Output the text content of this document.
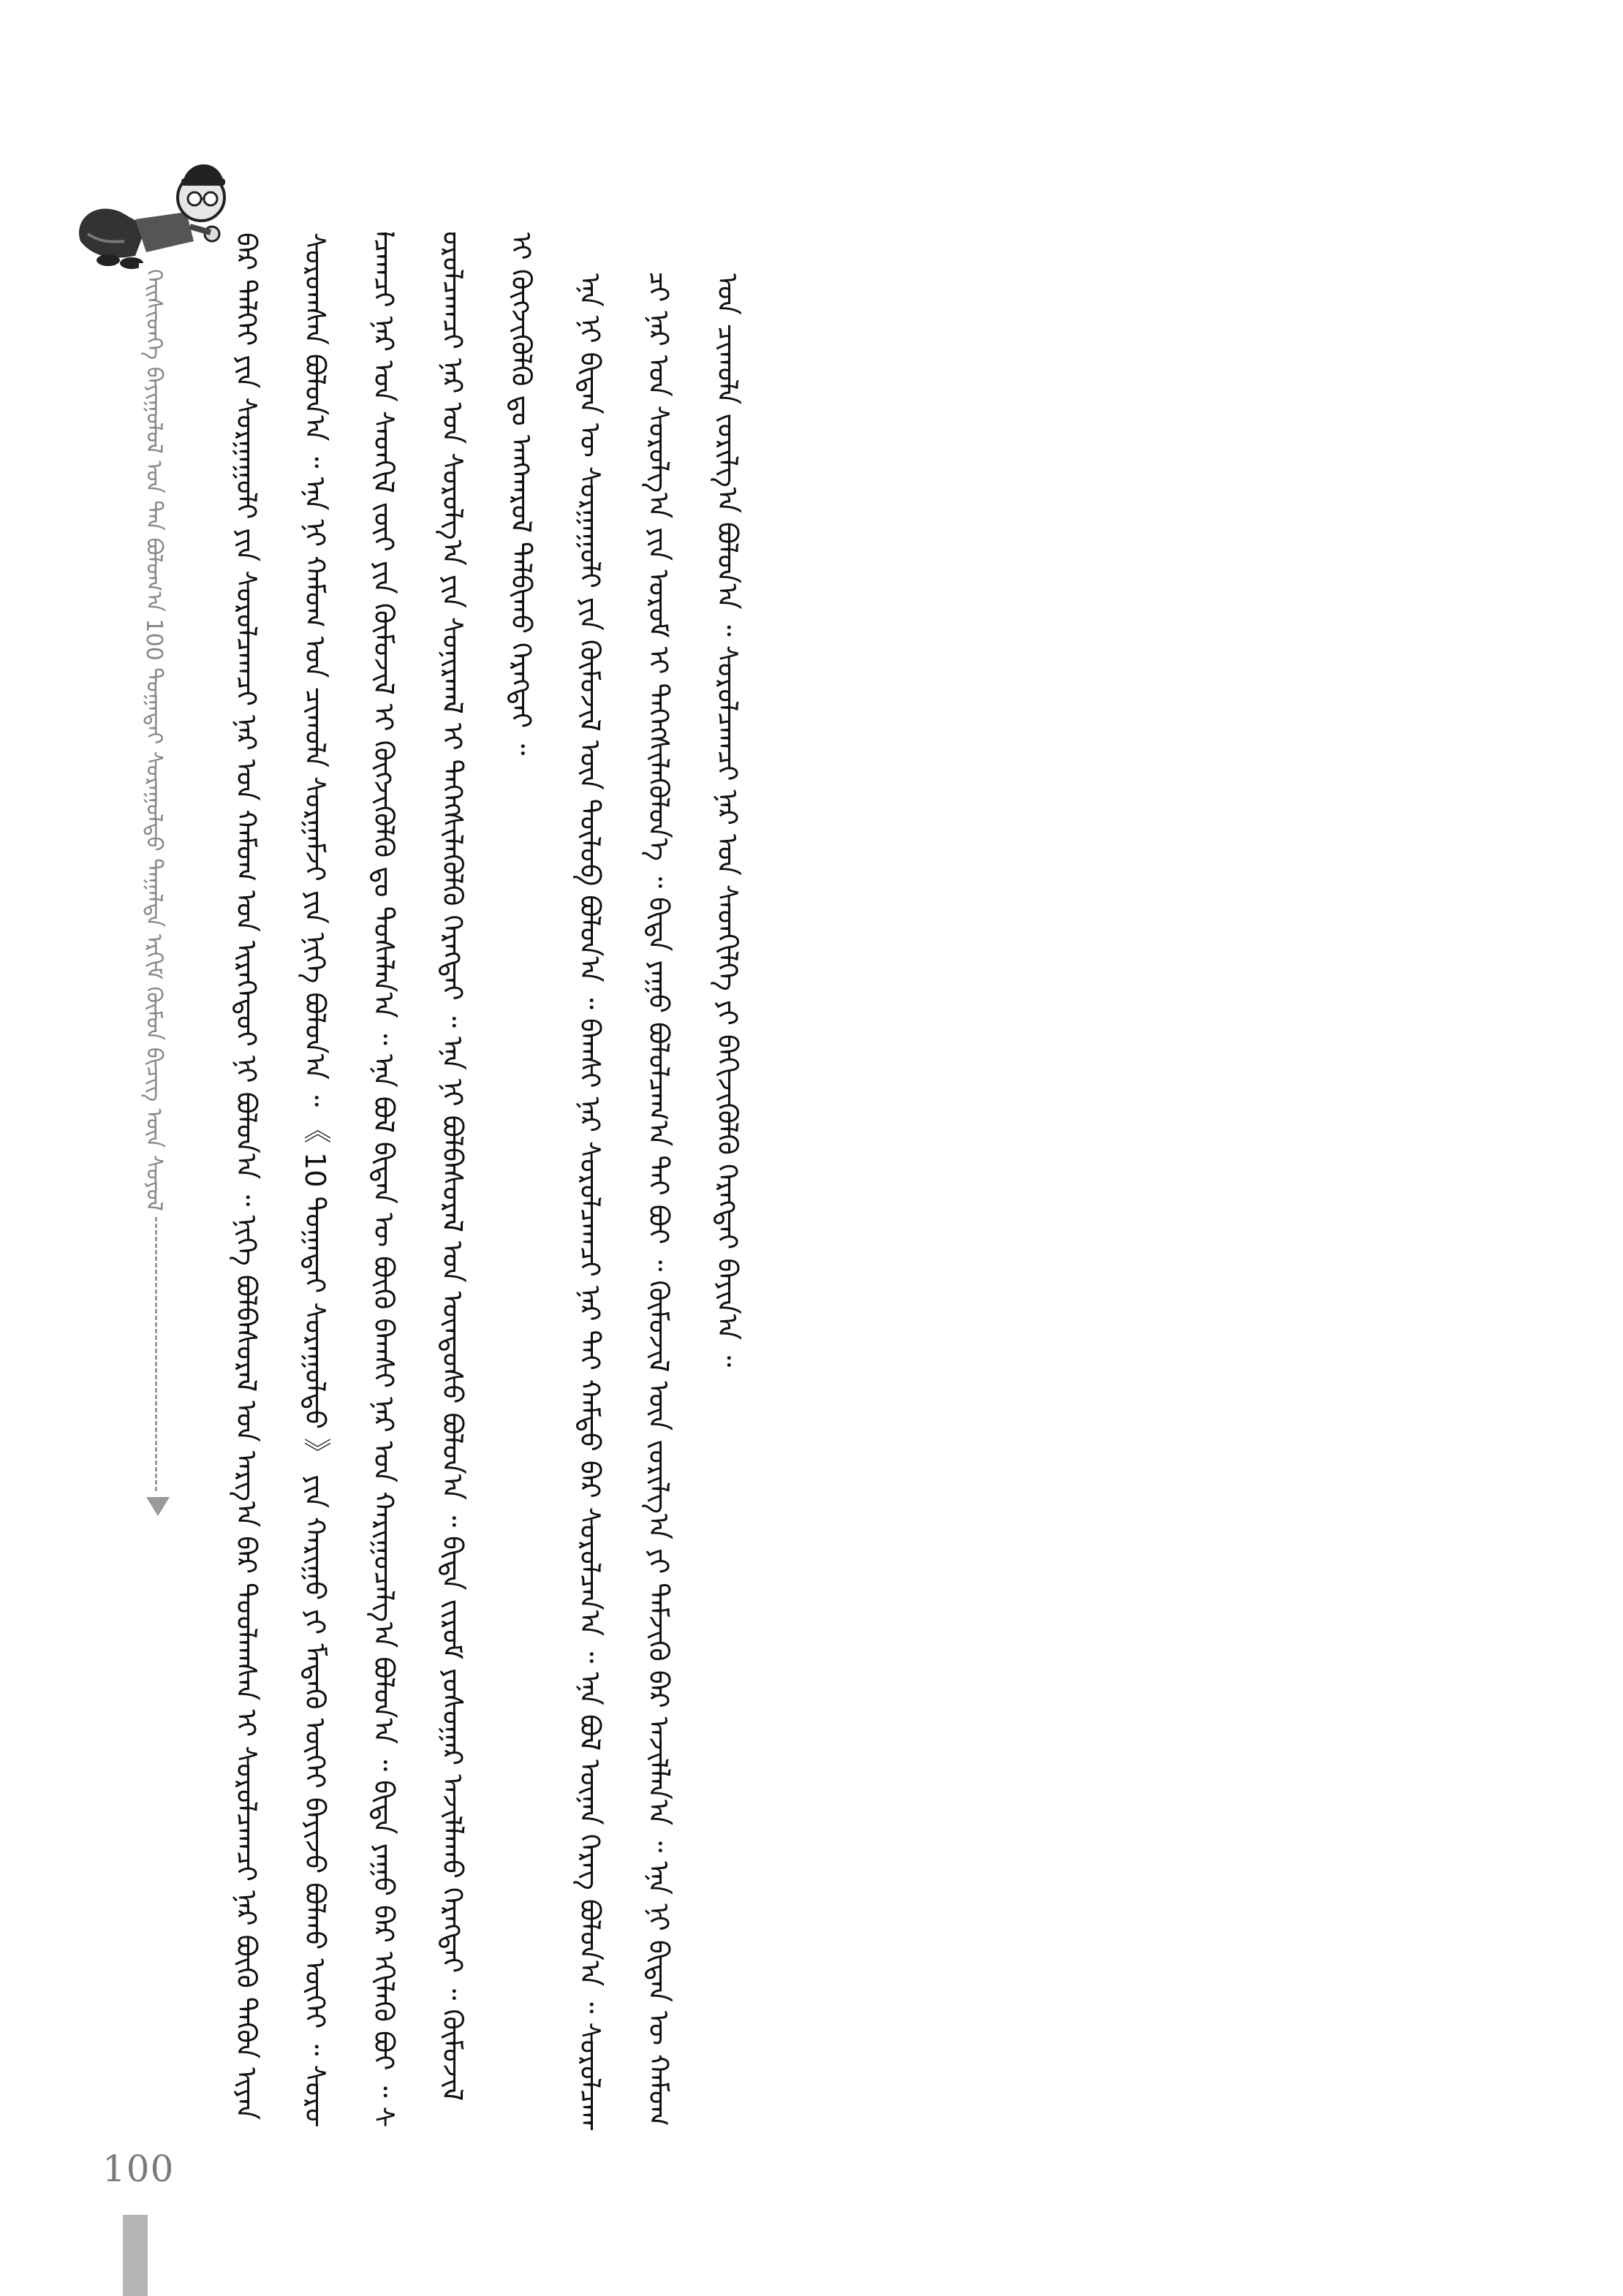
ᠬᠡᠢᠰᠢᠳᠬᠡ ᠪᠠᠶᠢᠭᠤᠯᠤᠯ ᠤᠨ ᠲᠠᠨ ᠪᠣᠯᠤᠭ᠎ᠠ 100 ᠲᠣᠭᠠᠲᠠᠢ ᠰᠤᠷᠠᠭᠤᠯᠲᠤ ᠳᠠᠭᠠᠯᠲᠠ ᠡᠷᠬᠢᠮ ᠬᠦᠮᠦᠨ ᠪᠢᠴᠢᠭ ᠦᠨ ᠰᠣᠶᠣᠯ	ᠪᠡᠷ ᠳᠡᠯᠬᠡᠢ ᠶᠢᠨ ᠰᠤᠷᠭᠠᠭᠤᠯᠢ ᠶᠢᠨ ᠰᠤᠷᠤᠯᠴᠠᠭᠴᠢ ᠨᠠᠷ ᠤᠨ ᠬᠠᠮᠤᠭ ᠤᠨ ᠢᠷᠡᠭᠡᠳᠦᠢ ᠨᠢ ᠪᠣᠯᠤᠨ᠎ᠠ ᠃ ᠨᠢᠭᠡ ᠪᠣᠯᠪᠠᠰᠤᠷᠠᠯ ᠤᠨ ᠠᠷᠭ᠎ᠠ ᠪᠠᠷ ᠲᠤᠤᠯᠠᠭᠰᠠᠨ ᠢ ᠰᠤᠷᠤᠯᠴᠠᠭᠴᠢ ᠨᠠᠷ ᠪᠦᠬᠦ ᠲᠡᠭᠦᠨ ᠢᠶᠡᠨ ᠰᠤᠷᠤᠭᠰᠠᠨ ᠪᠤᠯᠤᠨ᠎ᠠ ᠃ ᠡᠨᠡ ᠨᠢ ᠬᠠᠮᠤᠭ ᠤᠨ ᠴᠢᠬᠤᠯᠠ ᠰᠤᠷᠭᠠᠮᠵᠢ ᠶᠢᠨ ᠨᠢᠭᠡ ᠪᠣᠯᠤᠨ᠎ᠠ ᠃ 《 10 ᠲᠣᠭᠠᠲᠠᠢ ᠰᠤᠷᠠᠭᠤᠯᠲᠤ 》 ᠶᠢᠨ ᠬᠠᠷᠢᠭᠤ ᠶᠢ ᠮᠡᠳᠡᠬᠦ ᠦᠭᠡᠢ ᠪᠠᠶᠢᠵᠤ ᠪᠣᠯᠬᠤ ᠦᠭᠡᠢ ᠃ ᠰᠤᠷᠤᠯᠴᠠᠭᠴᠢ ᠨᠠᠷ ᠤᠨ ᠰᠡᠳᠬᠢᠯ ᠵᠦᠢ ᠶᠢᠨ ᠬᠦᠮᠦᠵᠢᠯ ᠢ ᠬᠥᠭᠵᠢᠭᠦᠯᠬᠦ ᠳᠤ ᠲᠤᠰᠠᠯᠠᠨ᠎ᠠ ᠃ ᠡᠨᠡ ᠪᠣᠯ ᠪᠢᠳᠡᠨ ᠦ ᠪᠦᠬᠦ ᠪᠠᠭᠰᠢ ᠨᠠᠷ ᠤᠨ ᠬᠠᠷᠢᠭᠤᠴᠠᠯᠭ᠎ᠠ ᠪᠣᠯᠤᠨ᠎ᠠ ᠃ ᠪᠢᠳᠡ ᠶᠠᠭᠤ ᠪᠠᠷ ᠡᠬᠢᠯᠡᠬᠦ ᠪᠤᠢ ᠃ ᠰᠤᠷᠤᠯᠴᠠᠭᠴᠢ ᠨᠠᠷ ᠤᠨ ᠰᠤᠷᠤᠯᠭ᠎ᠠ ᠶᠢᠨ ᠰᠣᠨᠢᠷᠬᠠᠯ ᠢ ᠳᠡᠭᠡᠭᠰᠢᠯᠡᠭᠦᠯᠬᠦ ᠬᠡᠷᠡᠭᠲᠡᠢ ᠃ ᠡᠨᠡ ᠨᠢ ᠪᠣᠯᠪᠠᠰᠤᠷᠠᠯ ᠤᠨ ᠦᠨᠳᠦᠰᠦ ᠪᠣᠯᠤᠨ᠎ᠠ ᠃ ᠪᠢᠳᠡ ᠵᠢᠷᠤᠮ ᠶᠣᠰᠤᠭᠠᠷ ᠠᠵᠢᠯᠯᠠᠬᠤ ᠬᠡᠷᠡᠭᠲᠡᠢ ᠃ ᠬᠦᠮᠦᠵᠢᠯ ᠢ ᠬᠥᠭᠵᠢᠭᠦᠯᠬᠦ ᠳᠤ ᠠᠩᠬᠠᠷᠤᠯ ᠲᠠᠯᠪᠢᠬᠤ ᠬᠡᠷᠡᠭᠲᠡᠢ ᠃	ᠡᠨᠡ ᠨᠢ ᠪᠢᠳᠡᠨ ᠦ ᠰᠤᠷᠭᠠᠭᠤᠯᠢ ᠶᠢᠨ ᠬᠦᠮᠦᠵᠢᠯ ᠦᠨ ᠲᠥᠯᠥᠪ ᠪᠣᠯᠤᠨ᠎ᠠ ᠃ ᠪᠠᠭᠰᠢ ᠨᠠᠷ ᠰᠤᠷᠤᠯᠴᠠᠭᠴᠢ ᠨᠠᠷ ᠲᠠᠢ ᠬᠠᠮᠲᠤ ᠪᠡᠷ ᠰᠤᠷᠤᠯᠴᠠᠨ᠎ᠠ ᠃ ᠡᠨᠡ ᠪᠣᠯ ᠦᠨᠡᠨ ᠬᠡᠷᠡᠭ ᠪᠣᠯᠤᠨ᠎ᠠ ᠃ ᠰᠤᠷᠤᠯᠴᠠᠭᠴᠢ ᠨᠠᠷ ᠤᠨ ᠰᠤᠷᠤᠯᠭ᠎ᠠ ᠶᠢᠨ ᠤᠷᠤᠮ ᠢ ᠳᠡᠭᠡᠭᠰᠢᠯᠡᠭᠦᠯᠦᠨ᠎ᠡ ᠃ ᠪᠢᠳᠡ ᠶᠠᠭᠤ ᠪᠣᠯᠤᠯᠴᠠᠭ᠎ᠠ ᠲᠠᠢ ᠪᠤᠢ ᠃ ᠬᠦᠮᠦᠵᠢᠯ ᠦᠨ ᠵᠣᠷᠢᠯᠭ᠎ᠠ ᠶᠢ ᠳᠡᠮᠵᠢᠬᠦ ᠪᠠᠷ ᠠᠵᠢᠯᠯᠠᠨ᠎ᠠ ᠃ ᠡᠨᠡ ᠨᠢ ᠪᠢᠳᠡᠨ ᠦ ᠬᠠᠮᠤᠭ ᠤᠨ ᠴᠢᠬᠤᠯᠠ ᠵᠣᠷᠢᠯᠭ᠎ᠠ ᠪᠣᠯᠤᠨ᠎ᠠ ᠃ ᠰᠤᠷᠤᠯᠴᠠᠭᠴᠢ ᠨᠠᠷ ᠤᠨ ᠰᠡᠳᠬᠢᠯᠭᠡ ᠶᠢ ᠪᠡᠬᠢᠵᠢᠭᠦᠯᠬᠦ ᠬᠡᠷᠡᠭᠲᠡᠢ ᠪᠠᠶᠢᠨ᠎ᠠ ᠃

100
